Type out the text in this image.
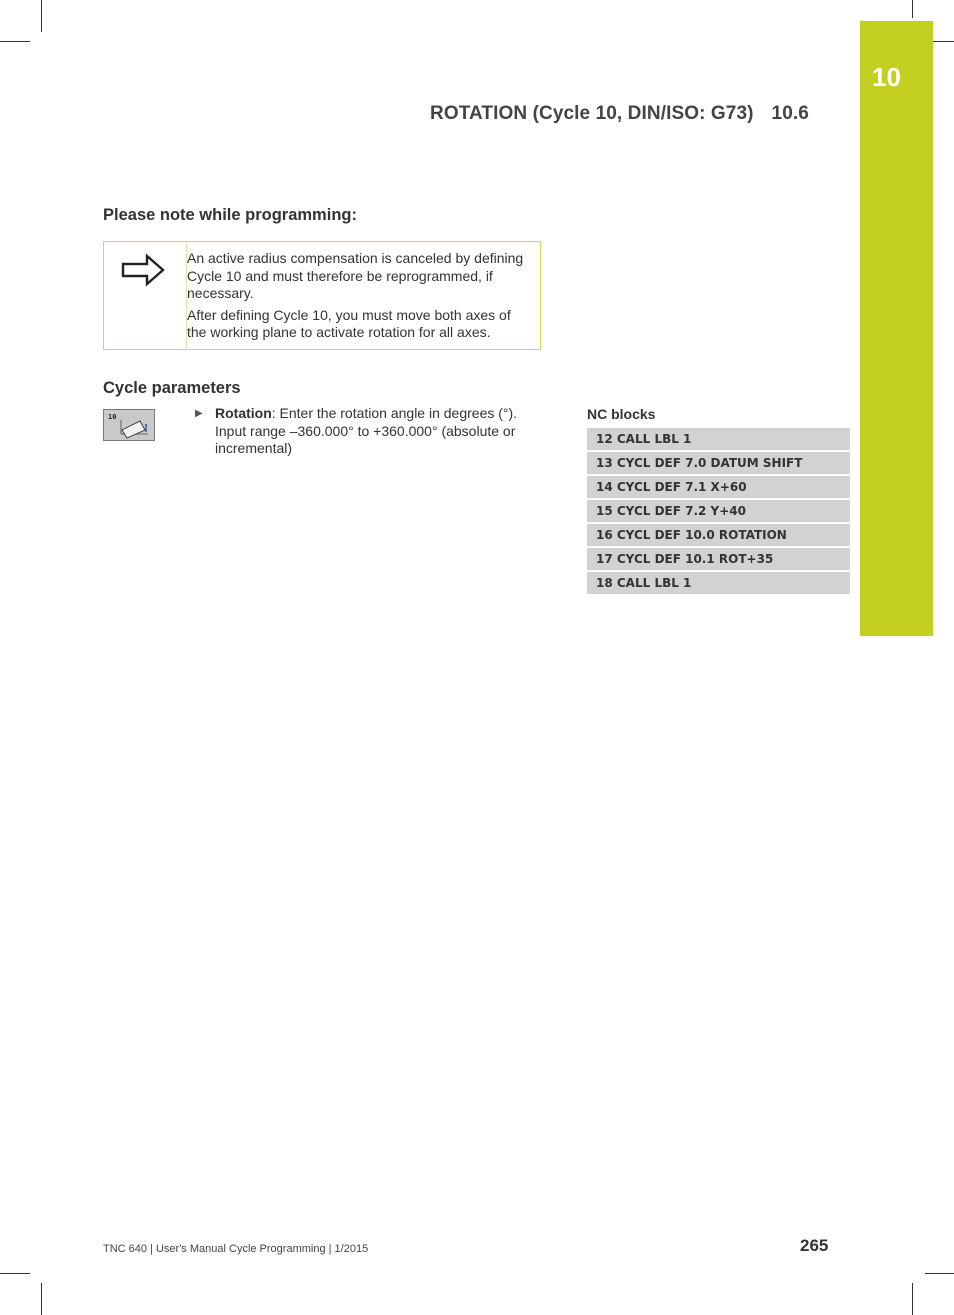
10
ROTATION (Cycle 10, DIN/ISO: G73) 10.6
Please note while programming:

An active radius compensation is canceled by defining Cycle 10 and must therefore be reprogrammed, if necessary.

After defining Cycle 10, you must move both axes of the working plane to activate rotation for all axes.

Cycle parameters
10	▶ Rotation: Enter the rotation angle in degrees (°). Input range –360.000° to +360.000° (absolute or incremental)
NC blocks
12 CALL LBL 1
13 CYCL DEF 7.0 DATUM SHIFT
14 CYCL DEF 7.1 X+60
15 CYCL DEF 7.2 Y+40
16 CYCL DEF 10.0 ROTATION
17 CYCL DEF 10.1 ROT+35
18 CALL LBL 1
TNC 640 | User's Manual Cycle Programming | 1/2015	265
